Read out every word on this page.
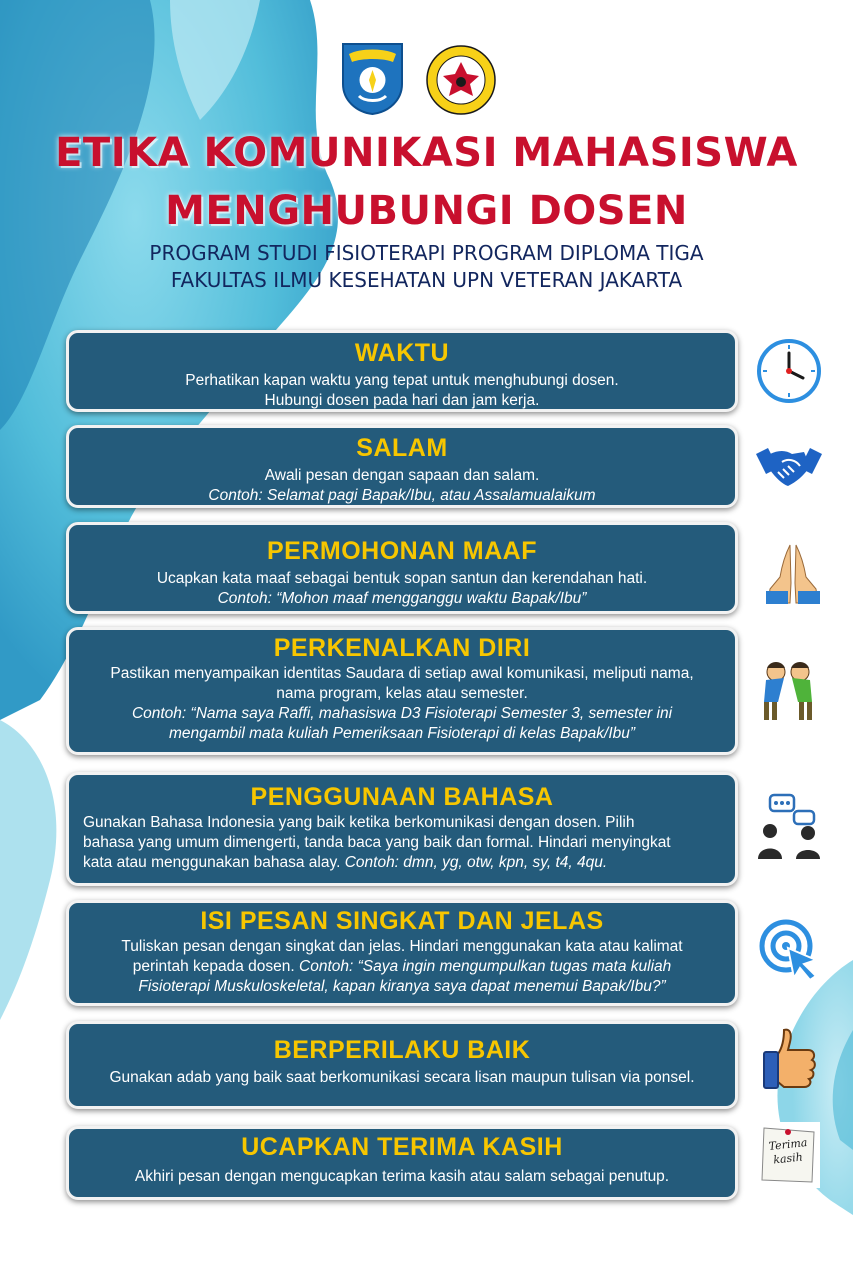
ETIKA KOMUNIKASI MAHASISWA
MENGHUBUNGI DOSEN
PROGRAM STUDI FISIOTERAPI PROGRAM DIPLOMA TIGA
FAKULTAS ILMU KESEHATAN UPN VETERAN JAKARTA
WAKTU

Perhatikan kapan waktu yang tepat untuk menghubungi dosen.

Hubungi dosen pada hari dan jam kerja.

SALAM

Awali pesan dengan sapaan dan salam.

Contoh: Selamat pagi Bapak/Ibu, atau Assalamualaikum

PERMOHONAN MAAF

Ucapkan kata maaf sebagai bentuk sopan santun dan kerendahan hati.

Contoh: “Mohon maaf mengganggu waktu Bapak/Ibu”

PERKENALKAN DIRI

Pastikan menyampaikan identitas Saudara di setiap awal komunikasi, meliputi nama,

nama program, kelas atau semester.

Contoh: “Nama saya Raffi, mahasiswa D3 Fisioterapi Semester 3, semester ini

mengambil mata kuliah Pemeriksaan Fisioterapi di kelas Bapak/Ibu”

PENGGUNAAN BAHASA

Gunakan Bahasa Indonesia yang baik ketika berkomunikasi dengan dosen. Pilih

bahasa yang umum dimengerti, tanda baca yang baik dan formal. Hindari menyingkat

kata atau menggunakan bahasa alay. Contoh: dmn, yg, otw, kpn, sy, t4, 4qu.

ISI PESAN SINGKAT DAN JELAS

Tuliskan pesan dengan singkat dan jelas. Hindari menggunakan kata atau kalimat

perintah kepada dosen. Contoh: “Saya ingin mengumpulkan tugas mata kuliah

Fisioterapi Muskuloskeletal, kapan kiranya saya dapat menemui Bapak/Ibu?”

BERPERILAKU BAIK

Gunakan adab yang baik saat berkomunikasi secara lisan maupun tulisan via ponsel.

UCAPKAN TERIMA KASIH

Akhiri pesan dengan mengucapkan terima kasih atau salam sebagai penutup.

Terima
kasih
